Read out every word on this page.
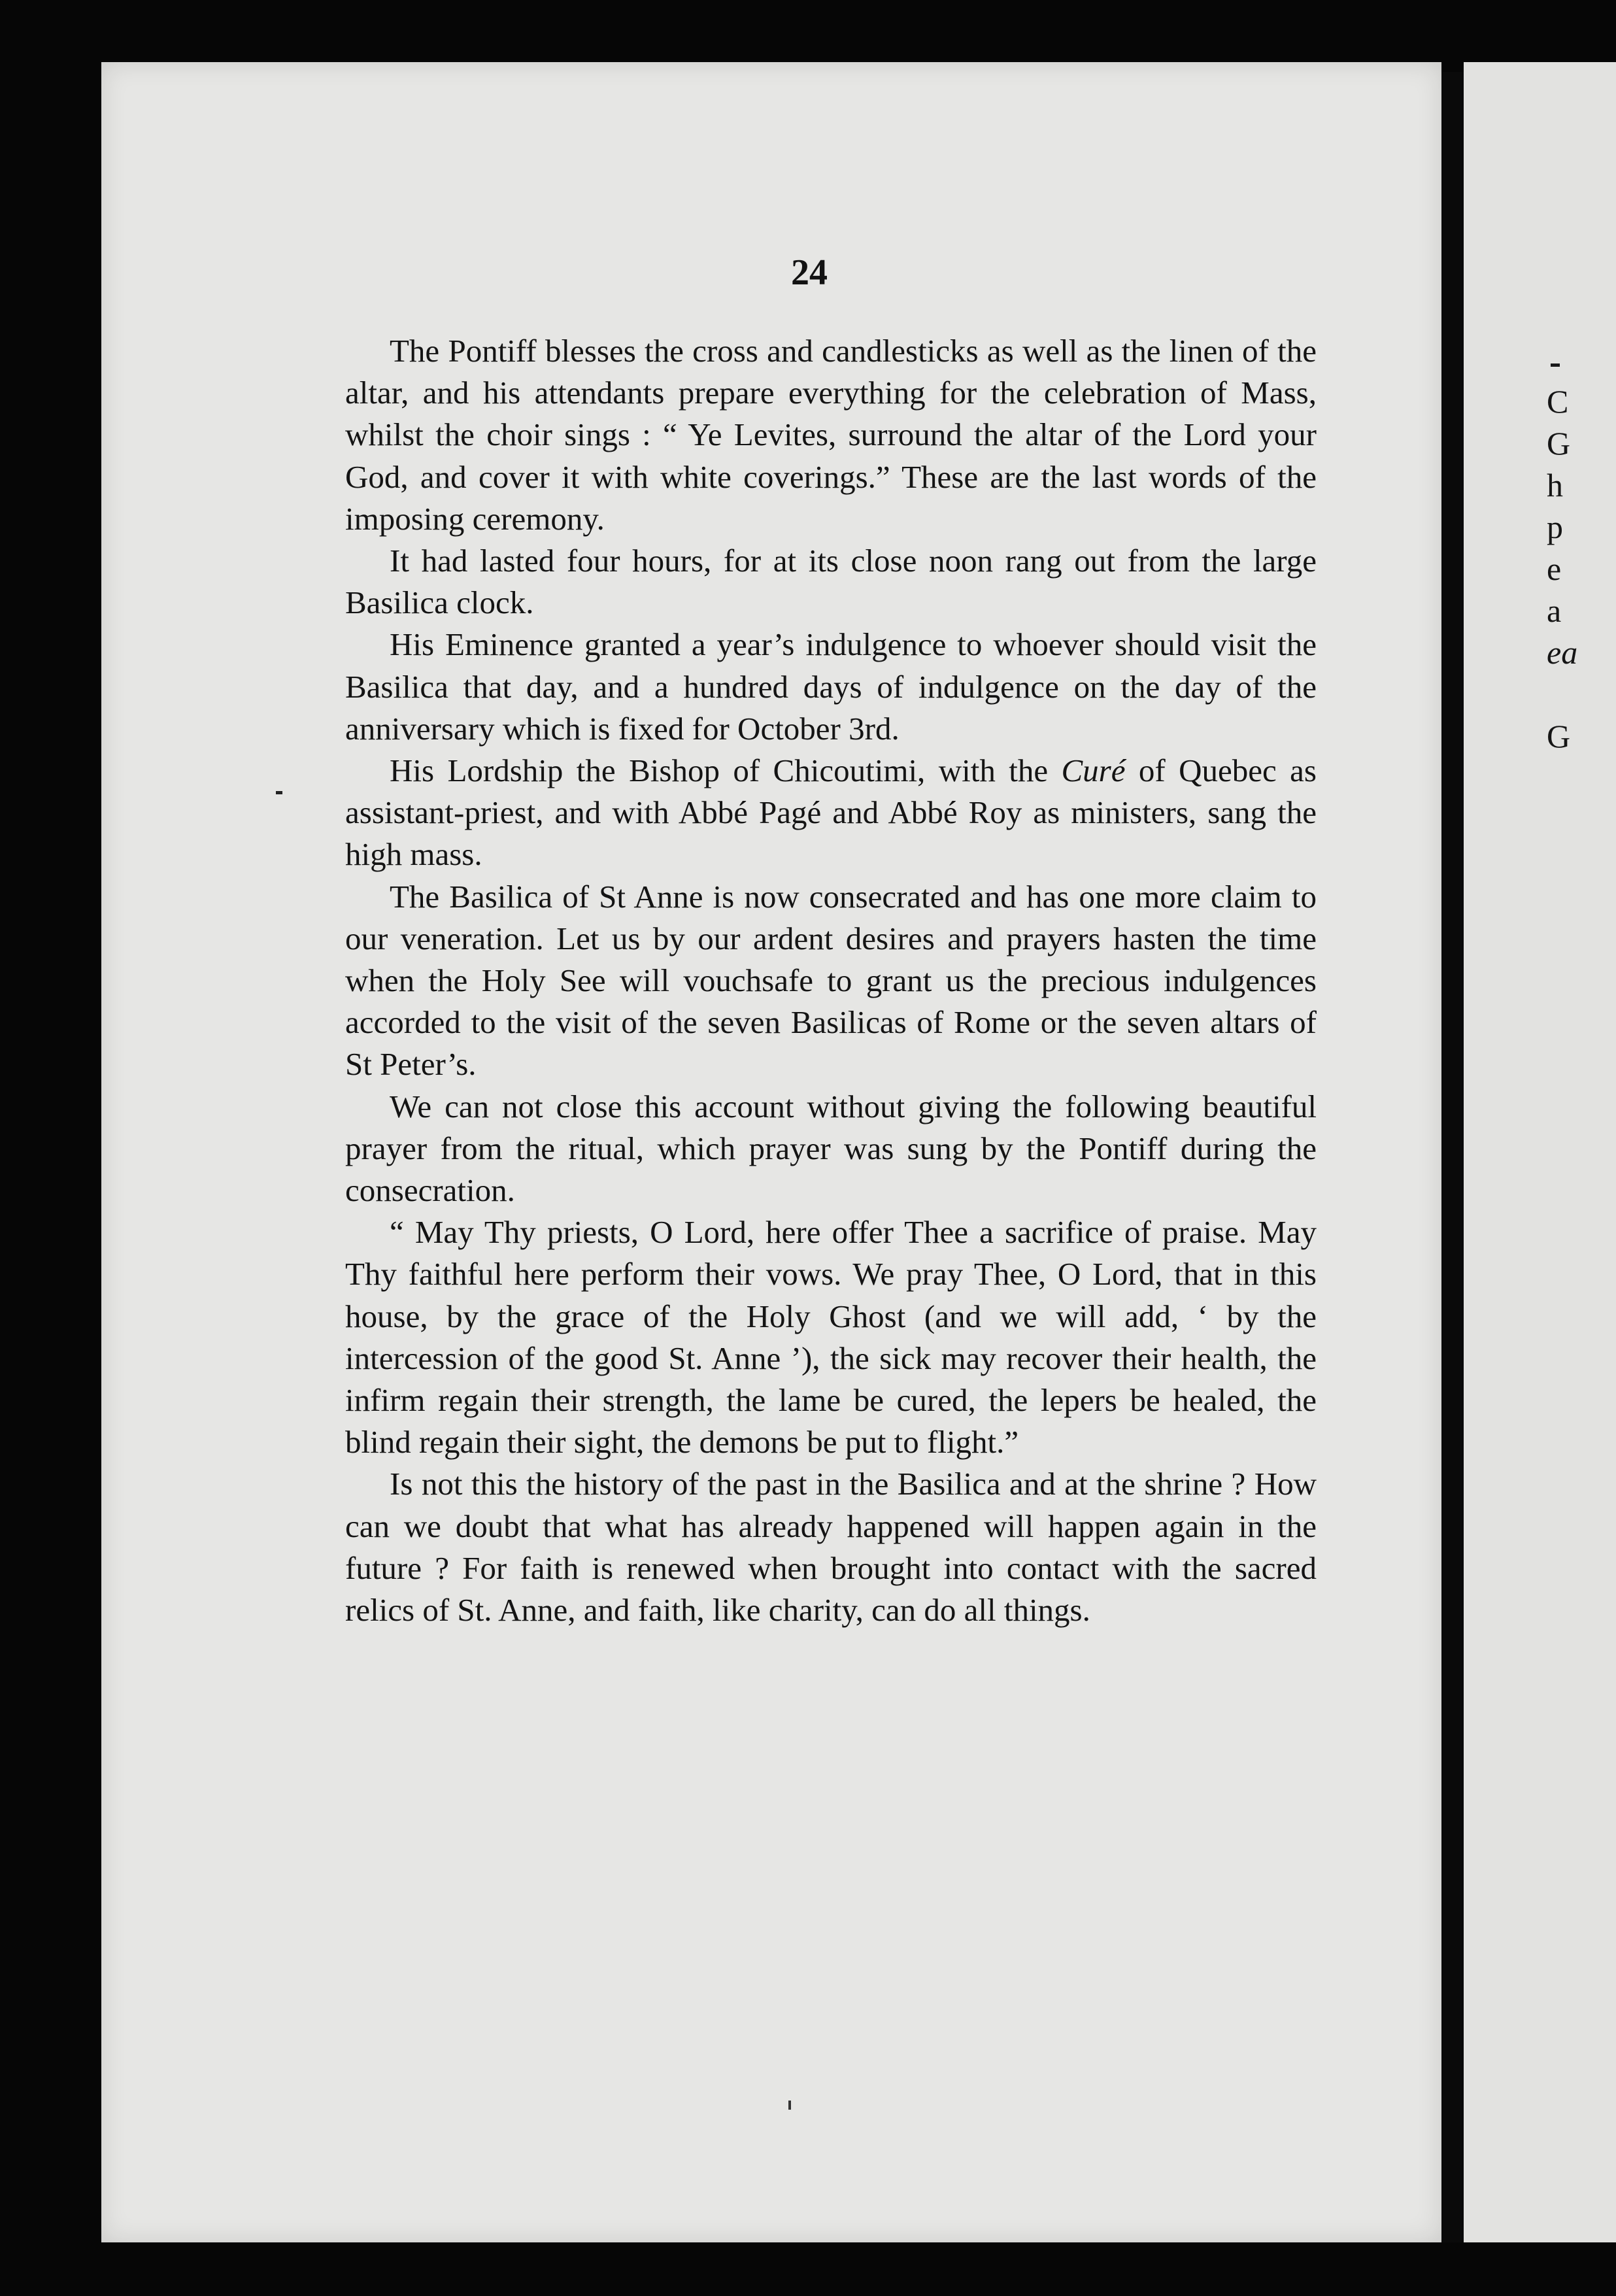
C
G
h
p
e
a
ea
G
24

The Pontiff blesses the cross and candlesticks as well as the linen of the altar, and his attendants prepare everything for the celebration of Mass, whilst the choir sings : “ Ye Levites, surround the altar of the Lord your God, and cover it with white coverings.” These are the last words of the imposing ceremony.

It had lasted four hours, for at its close noon rang out from the large Basilica clock.

His Eminence granted a year’s indulgence to whoever should visit the Basilica that day, and a hundred days of indulgence on the day of the anniversary which is fixed for October 3rd.

His Lordship the Bishop of Chicoutimi, with the Curé of Quebec as assistant-priest, and with Abbé Pagé and Abbé Roy as ministers, sang the high mass.

The Basilica of St Anne is now consecrated and has one more claim to our veneration. Let us by our ardent desires and prayers hasten the time when the Holy See will vouchsafe to grant us the precious indulgences accorded to the visit of the seven Basilicas of Rome or the seven altars of St Peter’s.

We can not close this account without giving the following beautiful prayer from the ritual, which prayer was sung by the Pontiff during the consecration.

“ May Thy priests, O Lord, here offer Thee a sacrifice of praise. May Thy faithful here perform their vows. We pray Thee, O Lord, that in this house, by the grace of the Holy Ghost (and we will add, ‘ by the intercession of the good St. Anne ’), the sick may recover their health, the infirm regain their strength, the lame be cured, the lepers be healed, the blind regain their sight, the demons be put to flight.”

Is not this the history of the past in the Basilica and at the shrine ? How can we doubt that what has already happened will happen again in the future ? For faith is renewed when brought into contact with the sacred relics of St. Anne, and faith, like charity, can do all things.
